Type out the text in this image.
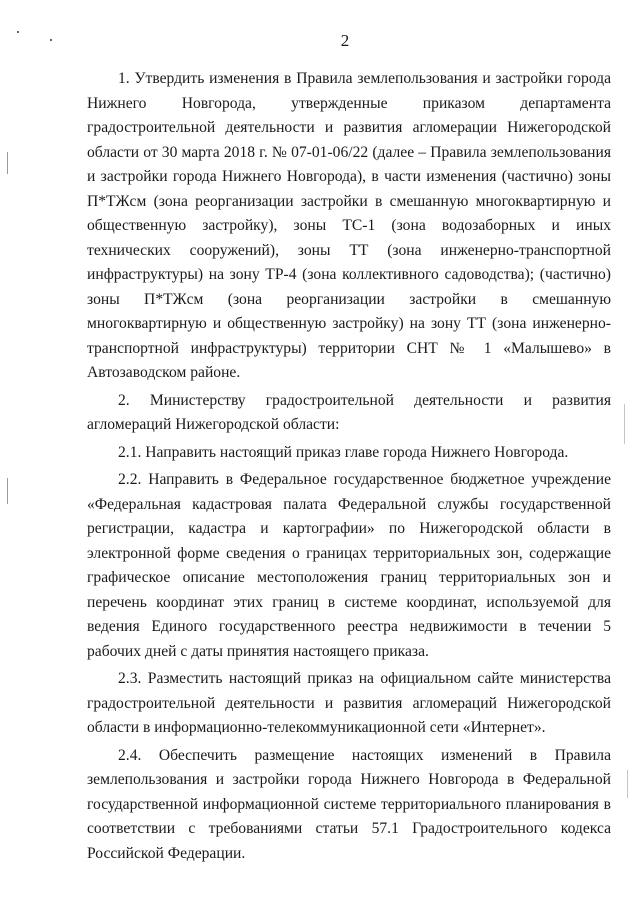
2

1. Утвердить изменения в Правила землепользования и застройки города Нижнего Новгорода, утвержденные приказом департамента градостроительной деятельности и развития агломерации Нижегородской области от 30 марта 2018 г. № 07-01-06/22 (далее – Правила землепользования и застройки города Нижнего Новгорода), в части изменения (частично) зоны П*ТЖсм (зона реорганизации застройки в смешанную многоквартирную и общественную застройку), зоны ТС-1 (зона водозаборных и иных технических сооружений), зоны ТТ (зона инженерно-транспортной инфраструктуры) на зону ТР-4 (зона коллективного садоводства); (частично) зоны П*ТЖсм (зона реорганизации застройки в смешанную многоквартирную и общественную застройку) на зону ТТ (зона инженерно-транспортной инфраструктуры) территории СНТ № 1 «Малышево» в Автозаводском районе.

2. Министерству градостроительной деятельности и развития агломераций Нижегородской области:

2.1. Направить настоящий приказ главе города Нижнего Новгорода.

2.2. Направить в Федеральное государственное бюджетное учреждение «Федеральная кадастровая палата Федеральной службы государственной регистрации, кадастра и картографии» по Нижегородской области в электронной форме сведения о границах территориальных зон, содержащие графическое описание местоположения границ территориальных зон и перечень координат этих границ в системе координат, используемой для ведения Единого государственного реестра недвижимости в течении 5 рабочих дней с даты принятия настоящего приказа.

2.3. Разместить настоящий приказ на официальном сайте министерства градостроительной деятельности и развития агломераций Нижегородской области в информационно-телекоммуникационной сети «Интернет».

2.4. Обеспечить размещение настоящих изменений в Правила землепользования и застройки города Нижнего Новгорода в Федеральной государственной информационной системе территориального планирования в соответствии с требованиями статьи 57.1 Градостроительного кодекса Российской Федерации.
